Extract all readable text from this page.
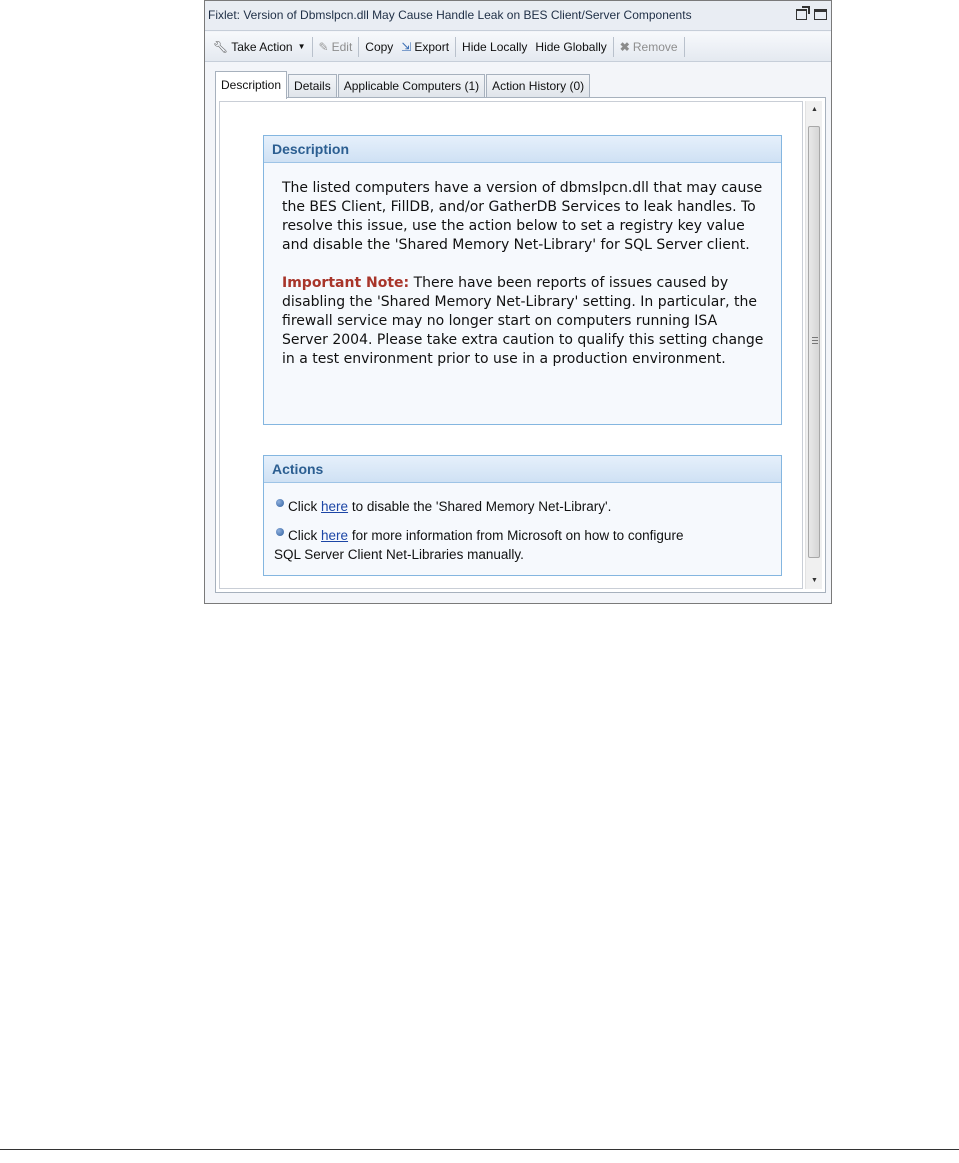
Fixlet: Version of Dbmslpcn.dll May Cause Handle Leak on BES Client/Server Components
🔧︎ Take Action ▼ ✎ Edit Copy ⇲ Export Hide Locally Hide Globally ✖ Remove
Description	Details	Applicable Computers (1)	Action History (0)
Description

The listed computers have a version of dbmslpcn.dll that may cause the BES Client, FillDB, and/or GatherDB Services to leak handles. To resolve this issue, use the action below to set a registry key value and disable the 'Shared Memory Net-Library' for SQL Server client.

Important Note: There have been reports of issues caused by disabling the 'Shared Memory Net-Library' setting. In particular, the firewall service may no longer start on computers running ISA Server 2004. Please take extra caution to qualify this setting change in a test environment prior to use in a production environment.

Actions
Click here to disable the 'Shared Memory Net-Library'.
Click here for more information from Microsoft on how to configure
SQL Server Client Net-Libraries manually.
▲
▼
